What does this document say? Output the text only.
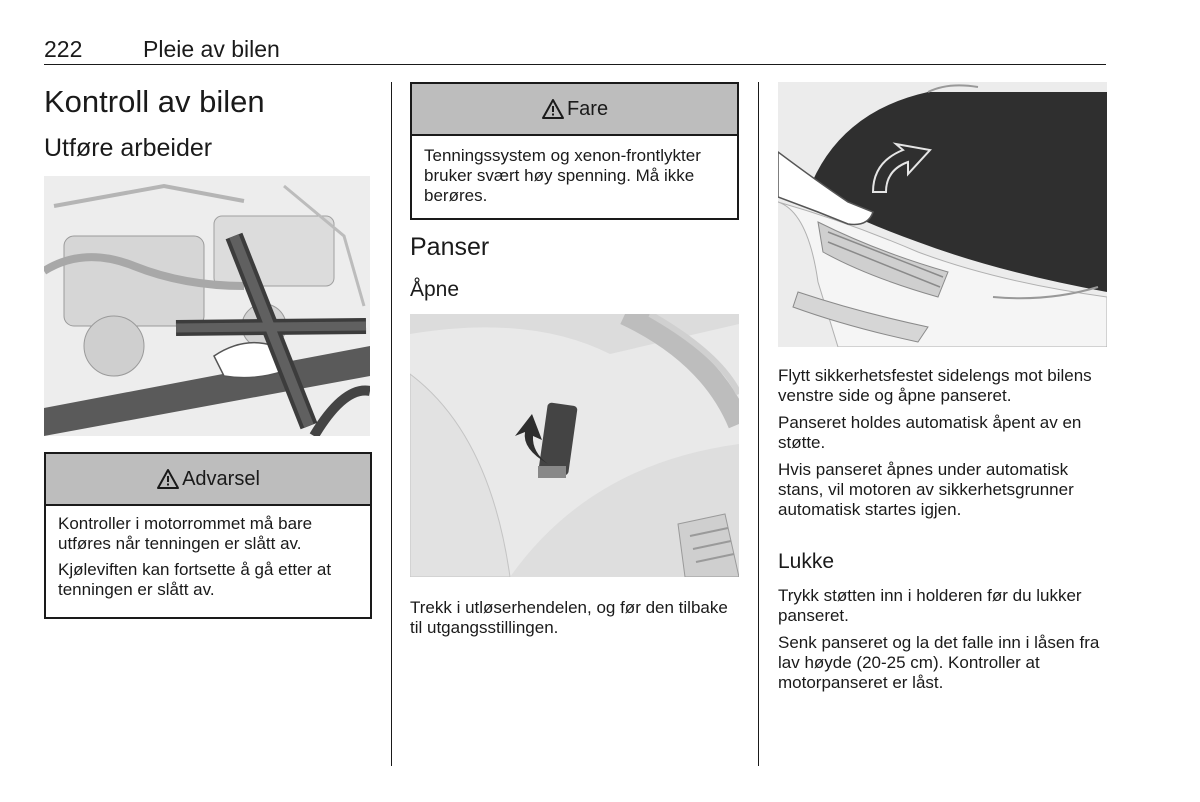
222	Pleie av bilen
Kontroll av bilen
Utføre arbeider
Advarsel

Kontroller i motorrommet må bare utføres når tenningen er slått av.

Kjøleviften kan fortsette å gå etter at tenningen er slått av.

Fare

Tenningssystem og xenon-frontlykter bruker svært høy spenning. Må ikke berøres.

Panser
Åpne

Trekk i utløserhendelen, og før den tilbake til utgangsstillingen.

Flytt sikkerhetsfestet sidelengs mot bilens venstre side og åpne panseret.

Panseret holdes automatisk åpent av en støtte.

Hvis panseret åpnes under automatisk stans, vil motoren av sikkerhetsgrunner automatisk startes igjen.

Lukke

Trykk støtten inn i holderen før du lukker panseret.

Senk panseret og la det falle inn i låsen fra lav høyde (20-25 cm). Kontroller at motorpanseret er låst.
